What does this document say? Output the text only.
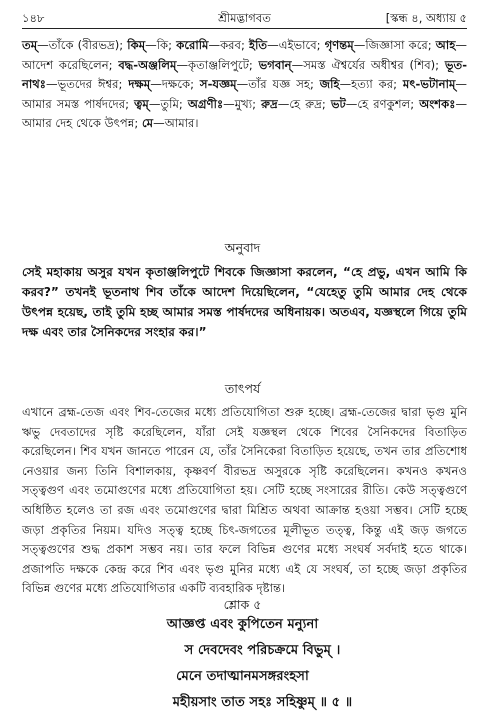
১৪৮	শ্রীমদ্ভাগবত	[স্কন্ধ ৪, অধ্যায় ৫
তম্—তাঁকে (বীরভদ্র); কিম্—কি; করোমি—করব; ইতি—এইভাবে; গৃণন্তম্—জিজ্ঞাসা করে; আহ—আদেশ করেছিলেন; বদ্ধ-অঞ্জলিম্—কৃতাঞ্জলিপুটে; ভগবান্—সমস্ত ঐশ্বর্যের অধীশ্বর (শিব); ভূত-নাথঃ—ভূতদের ঈশ্বর; দক্ষম্—দক্ষকে; স-যজ্ঞম্—তাঁর যজ্ঞ সহ; জহি—হত্যা কর; মৎ-ভটানাম্—আমার সমস্ত পার্ষদদের; ত্বম্—তুমি; অগ্রণীঃ—মুখ্য; রুদ্র—হে রুদ্র; ভট—হে রণকুশল; অংশকঃ—আমার দেহ থেকে উৎপন্ন; মে—আমার।
অনুবাদ
সেই মহাকায় অসুর যখন কৃতাঞ্জলিপুটে শিবকে জিজ্ঞাসা করলেন, “হে প্রভু, এখন আমি কি করব?” তখনই ভূতনাথ শিব তাঁকে আদেশ দিয়েছিলেন, “যেহেতু তুমি আমার দেহ থেকে উৎপন্ন হয়েছ, তাই তুমি হচ্ছ আমার সমস্ত পার্ষদদের অধিনায়ক। অতএব, যজ্ঞস্থলে গিয়ে তুমি দক্ষ এবং তার সৈনিকদের সংহার কর।”
তাৎপর্য
এখানে ব্রহ্ম-তেজ এবং শিব-তেজের মধ্যে প্রতিযোগিতা শুরু হচ্ছে। ব্রহ্ম-তেজের দ্বারা ভৃগু মুনি ঋভু দেবতাদের সৃষ্টি করেছিলেন, যাঁরা সেই যজ্ঞস্থল থেকে শিবের সৈনিকদের বিতাড়িত করেছিলেন। শিব যখন জানতে পারেন যে, তাঁর সৈনিকেরা বিতাড়িত হয়েছে, তখন তার প্রতিশোধ নেওয়ার জন্য তিনি বিশালকায়, কৃষ্ণবর্ণ বীরভদ্র অসুরকে সৃষ্টি করেছিলেন। কখনও কখনও সত্ত্বগুণ এবং তমোগুণের মধ্যে প্রতিযোগিতা হয়। সেটি হচ্ছে সংসারের রীতি। কেউ সত্ত্বগুণে অধিষ্ঠিত হলেও তা রজ এবং তমোগুণের দ্বারা মিশ্রিত অথবা আক্রান্ত হওয়া সম্ভব। সেটি হচ্ছে জড়া প্রকৃতির নিয়ম। যদিও সত্ত্ব হচ্ছে চিৎ-জগতের মূলীভূত তত্ত্ব, কিন্তু এই জড় জগতে সত্ত্বগুণের শুদ্ধ প্রকাশ সম্ভব নয়। তার ফলে বিভিন্ন গুণের মধ্যে সংঘর্ষ সর্বদাই হতে থাকে। প্রজাপতি দক্ষকে কেন্দ্র করে শিব এবং ভৃগু মুনির মধ্যে এই যে সংঘর্ষ, তা হচ্ছে জড়া প্রকৃতির বিভিন্ন গুণের মধ্যে প্রতিযোগিতার একটি ব্যবহারিক দৃষ্টান্ত।
শ্লোক ৫
আজ্ঞপ্ত এবং কুপিতেন মন্যুনা
স দেবদেবং পরিচক্রমে বিভুম্ ।
মেনে তদাত্মানমসঙ্গরংহসা
মহীয়সাং তাত সহঃ সহিষ্ণুম্ ॥ ৫ ॥
